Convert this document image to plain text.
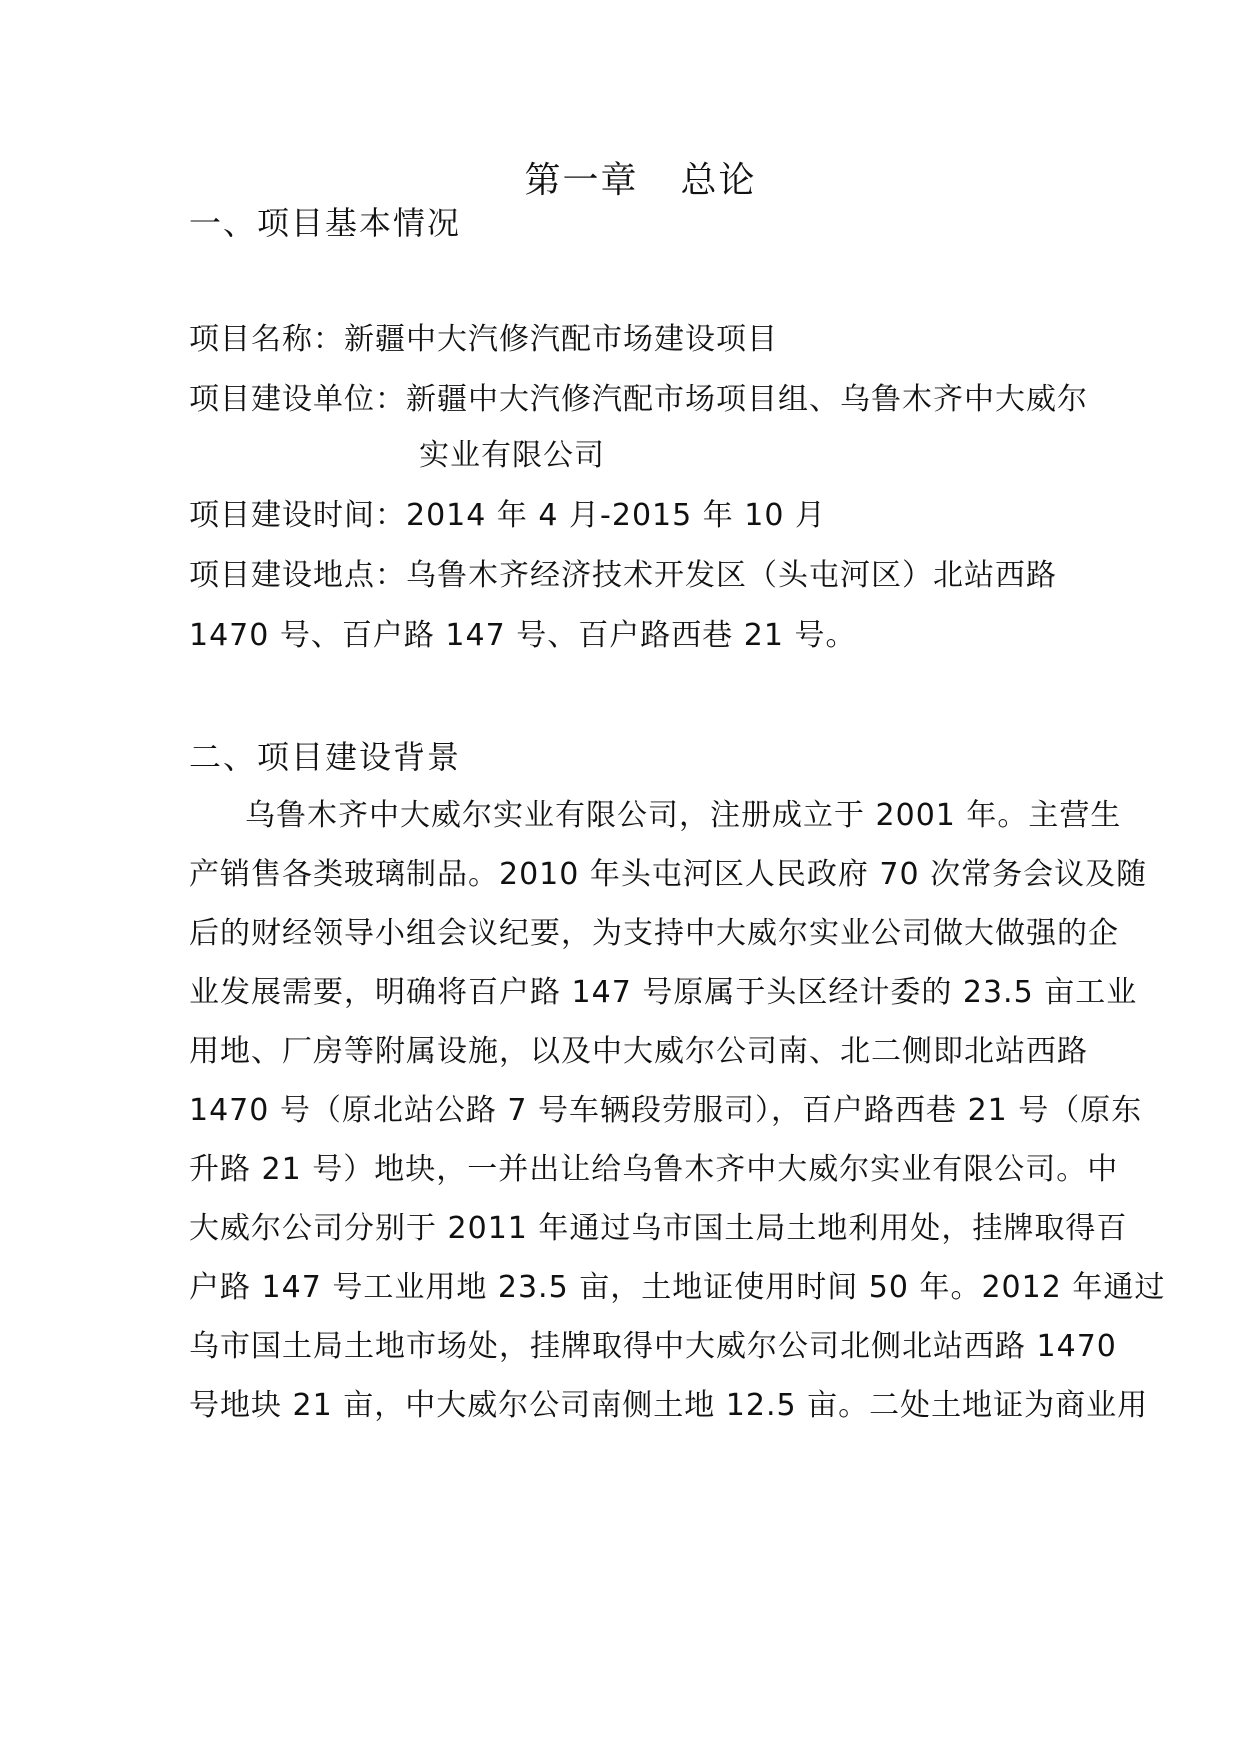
第一章 总论
一、项目基本情况
项目名称：新疆中大汽修汽配市场建设项目
项目建设单位：新疆中大汽修汽配市场项目组、乌鲁木齐中大威尔
实业有限公司
项目建设时间：2014 年 4 月-2015 年 10 月
项目建设地点：乌鲁木齐经济技术开发区（头屯河区）北站西路
1470 号、百户路 147 号、百户路西巷 21 号。
二、项目建设背景
乌鲁木齐中大威尔实业有限公司，注册成立于 2001 年。主营生
产销售各类玻璃制品。2010 年头屯河区人民政府 70 次常务会议及随
后的财经领导小组会议纪要，为支持中大威尔实业公司做大做强的企
业发展需要，明确将百户路 147 号原属于头区经计委的 23.5 亩工业
用地、厂房等附属设施，以及中大威尔公司南、北二侧即北站西路
1470 号（原北站公路 7 号车辆段劳服司），百户路西巷 21 号（原东
升路 21 号）地块，一并出让给乌鲁木齐中大威尔实业有限公司。中
大威尔公司分别于 2011 年通过乌市国土局土地利用处，挂牌取得百
户路 147 号工业用地 23.5 亩，土地证使用时间 50 年。2012 年通过
乌市国土局土地市场处，挂牌取得中大威尔公司北侧北站西路 1470
号地块 21 亩，中大威尔公司南侧土地 12.5 亩。二处土地证为商业用
